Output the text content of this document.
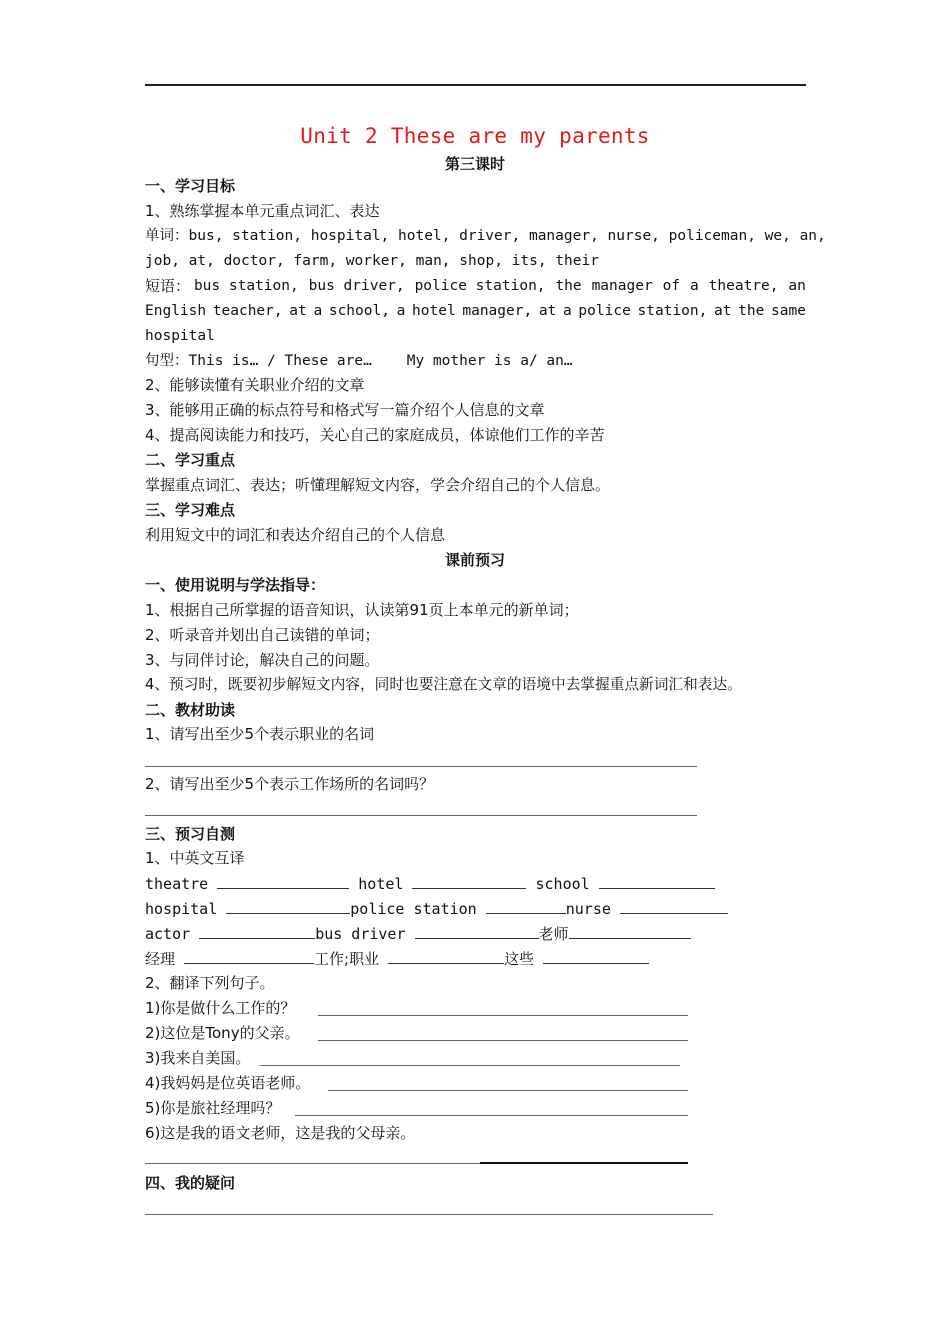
Unit 2 These are my parents
第三课时
一、学习目标
1、熟练掌握本单元重点词汇、表达
单词：bus, station, hospital, hotel, driver, manager, nurse, policeman, we, an,
job, at, doctor, farm, worker, man, shop, its, their
短语： bus station, bus driver, police station, the manager of a theatre, an
English teacher, at a school, a hotel manager, at a police station, at the same
hospital
句型：This is… / These are…    My mother is a/ an…
2、能够读懂有关职业介绍的文章
3、能够用正确的标点符号和格式写一篇介绍个人信息的文章
4、提高阅读能力和技巧，关心自己的家庭成员，体谅他们工作的辛苦
二、学习重点
掌握重点词汇、表达；听懂理解短文内容，学会介绍自己的个人信息。
三、学习难点
利用短文中的词汇和表达介绍自己的个人信息
课前预习
一、使用说明与学法指导：
1、根据自己所掌握的语音知识，认读第91页上本单元的新单词；
2、听录音并划出自己读错的单词；
3、与同伴讨论，解决自己的问题。
4、预习时，既要初步解短文内容，同时也要注意在文章的语境中去掌握重点新词汇和表达。
二、教材助读
1、请写出至少5个表示职业的名词
2、请写出至少5个表示工作场所的名词吗？
三、预习自测
1、中英文互译
theatre	hotel	school
hospital	police station	nurse
actor	bus driver	老师
经理	工作;职业	这些
2、翻译下列句子。
1)你是做什么工作的？
2)这位是Tony的父亲。
3)我来自美国。
4)我妈妈是位英语老师。
5)你是旅社经理吗？
6)这是我的语文老师，这是我的父母亲。
四、我的疑问
